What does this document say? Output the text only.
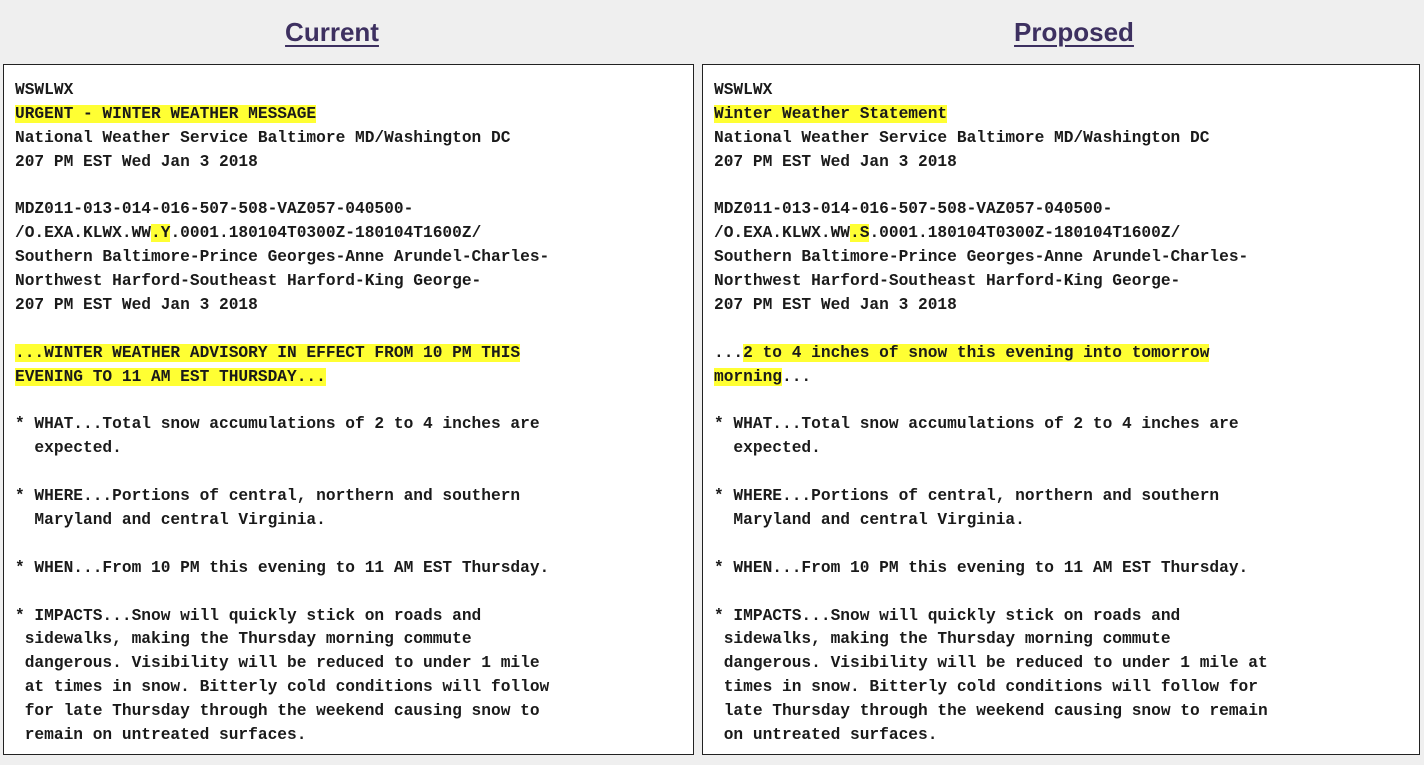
Current	Proposed
WSWLWX
URGENT - WINTER WEATHER MESSAGE
National Weather Service Baltimore MD/Washington DC
207 PM EST Wed Jan 3 2018
MDZ011-013-014-016-507-508-VAZ057-040500-
/O.EXA.KLWX.WW.Y.0001.180104T0300Z-180104T1600Z/
Southern Baltimore-Prince Georges-Anne Arundel-Charles-
Northwest Harford-Southeast Harford-King George-
207 PM EST Wed Jan 3 2018
...WINTER WEATHER ADVISORY IN EFFECT FROM 10 PM THIS
EVENING TO 11 AM EST THURSDAY...
* WHAT...Total snow accumulations of 2 to 4 inches are
expected.
* WHERE...Portions of central, northern and southern
Maryland and central Virginia.
* WHEN...From 10 PM this evening to 11 AM EST Thursday.
* IMPACTS...Snow will quickly stick on roads and
sidewalks, making the Thursday morning commute
dangerous. Visibility will be reduced to under 1 mile
at times in snow. Bitterly cold conditions will follow
for late Thursday through the weekend causing snow to
remain on untreated surfaces.
WSWLWX
Winter Weather Statement
National Weather Service Baltimore MD/Washington DC
207 PM EST Wed Jan 3 2018
MDZ011-013-014-016-507-508-VAZ057-040500-
/O.EXA.KLWX.WW.S.0001.180104T0300Z-180104T1600Z/
Southern Baltimore-Prince Georges-Anne Arundel-Charles-
Northwest Harford-Southeast Harford-King George-
207 PM EST Wed Jan 3 2018
...2 to 4 inches of snow this evening into tomorrow
morning...
* WHAT...Total snow accumulations of 2 to 4 inches are
expected.
* WHERE...Portions of central, northern and southern
Maryland and central Virginia.
* WHEN...From 10 PM this evening to 11 AM EST Thursday.
* IMPACTS...Snow will quickly stick on roads and
sidewalks, making the Thursday morning commute
dangerous. Visibility will be reduced to under 1 mile at
times in snow. Bitterly cold conditions will follow for
late Thursday through the weekend causing snow to remain
on untreated surfaces.
